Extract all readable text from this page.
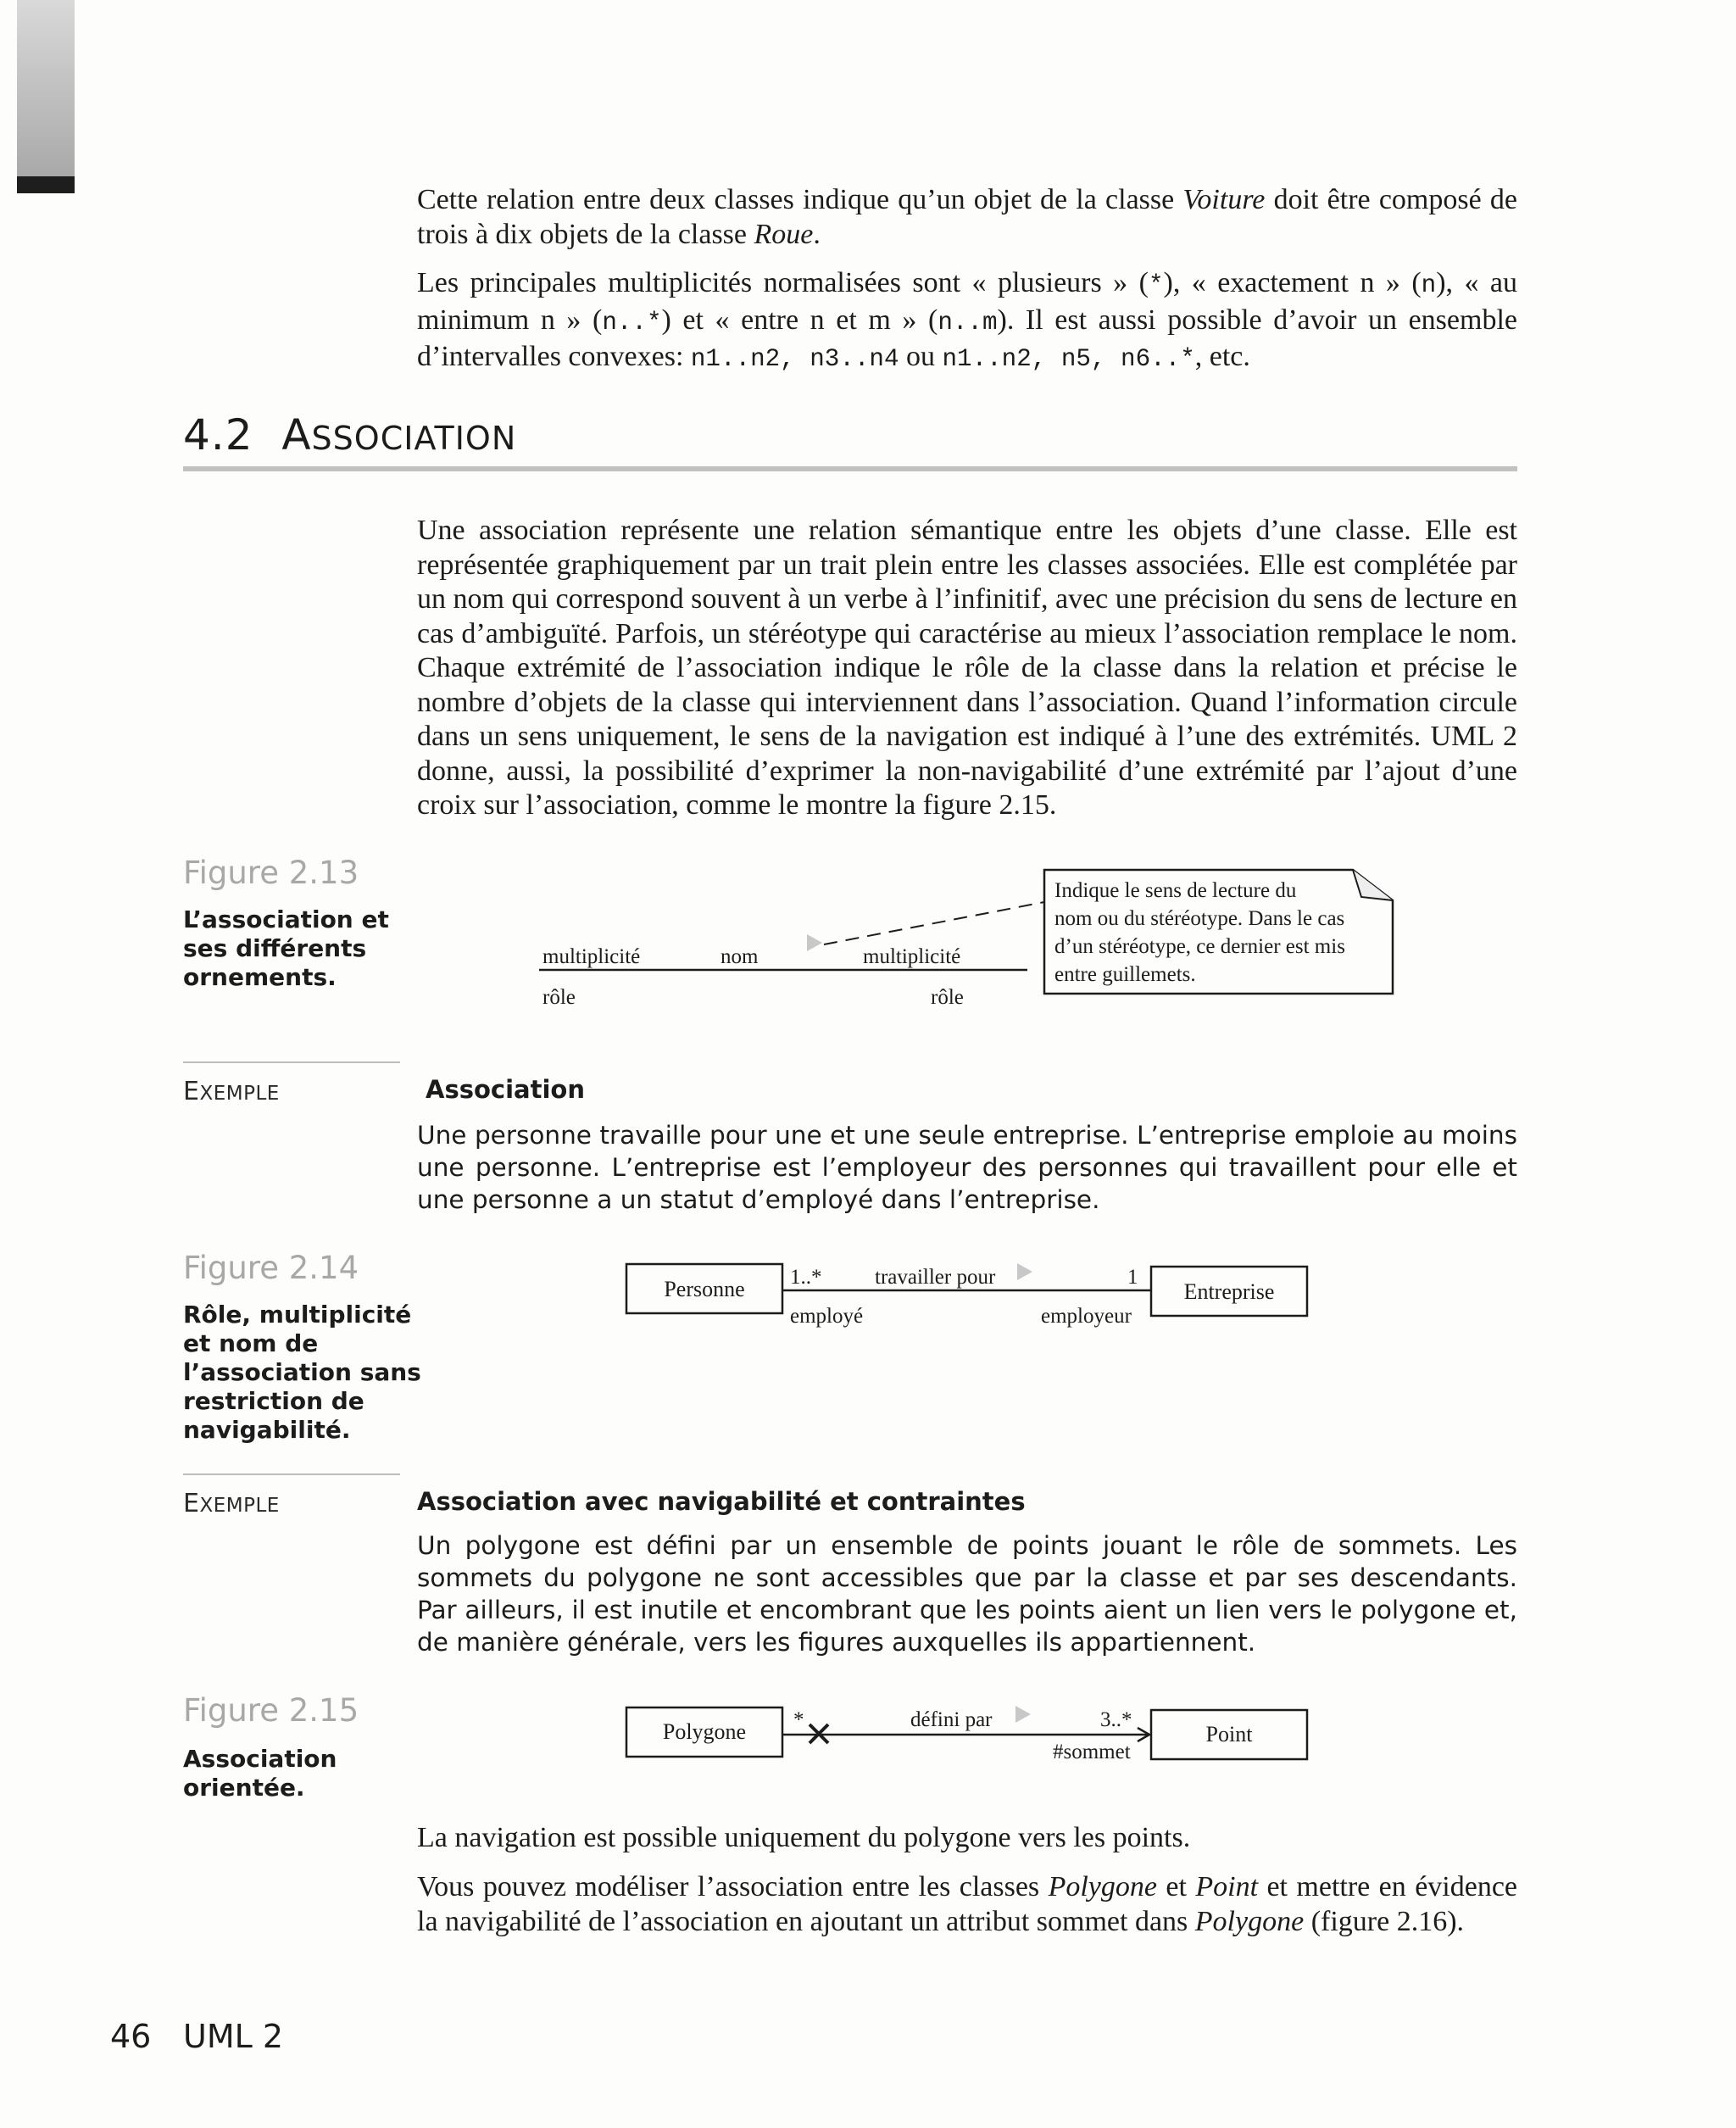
Cette relation entre deux classes indique qu’un objet de la classe Voiture doit être composé de trois à dix objets de la classe Roue.

Les principales multiplicités normalisées sont « plusieurs » (*), « exactement n » (n), « au minimum n » (n..*) et « entre n et m » (n..m). Il est aussi possible d’avoir un ensemble d’intervalles convexes: n1..n2, n3..n4 ou n1..n2, n5, n6..*, etc.

4.2 ASSOCIATION

Une association représente une relation sémantique entre les objets d’une classe. Elle est représentée graphiquement par un trait plein entre les classes associées. Elle est complétée par un nom qui correspond souvent à un verbe à l’infinitif, avec une précision du sens de lecture en cas d’ambiguïté. Parfois, un stéréotype qui caractérise au mieux l’association remplace le nom. Chaque extrémité de l’association indique le rôle de la classe dans la relation et précise le nombre d’objets de la classe qui interviennent dans l’association. Quand l’information circule dans un sens uniquement, le sens de la navigation est indiqué à l’une des extrémités. UML 2 donne, aussi, la possibilité d’exprimer la non-navigabilité d’une extrémité par l’ajout d’une croix sur l’association, comme le montre la figure 2.15.

Figure 2.13

L’association et ses différents ornements.

multiplicité	nom	multiplicité
rôle	rôle
Indique le sens de lecture du
nom ou du stéréotype. Dans le cas
d’un stéréotype, ce dernier est mis
entre guillemets.
EXEMPLE	Association

Une personne travaille pour une et une seule entreprise. L’entreprise emploie au moins une personne. L’entreprise est l’employeur des personnes qui travaillent pour elle et une personne a un statut d’employé dans l’entreprise.

Figure 2.14

Rôle, multiplicité et nom de l’association sans restriction de navigabilité.

Personne	Entreprise
1..*	travailler pour	1
employé	employeur
EXEMPLE	Association avec navigabilité et contraintes

Un polygone est défini par un ensemble de points jouant le rôle de sommets. Les sommets du polygone ne sont accessibles que par la classe et par ses descendants. Par ailleurs, il est inutile et encombrant que les points aient un lien vers le polygone et, de manière générale, vers les figures auxquelles ils appartiennent.

Figure 2.15

Association orientée.

Polygone	Point
*	défini par	3..*
#sommet

La navigation est possible uniquement du polygone vers les points.

Vous pouvez modéliser l’association entre les classes Polygone et Point et mettre en évidence la navigabilité de l’association en ajoutant un attribut sommet dans Polygone (figure 2.16).

46 UML 2
